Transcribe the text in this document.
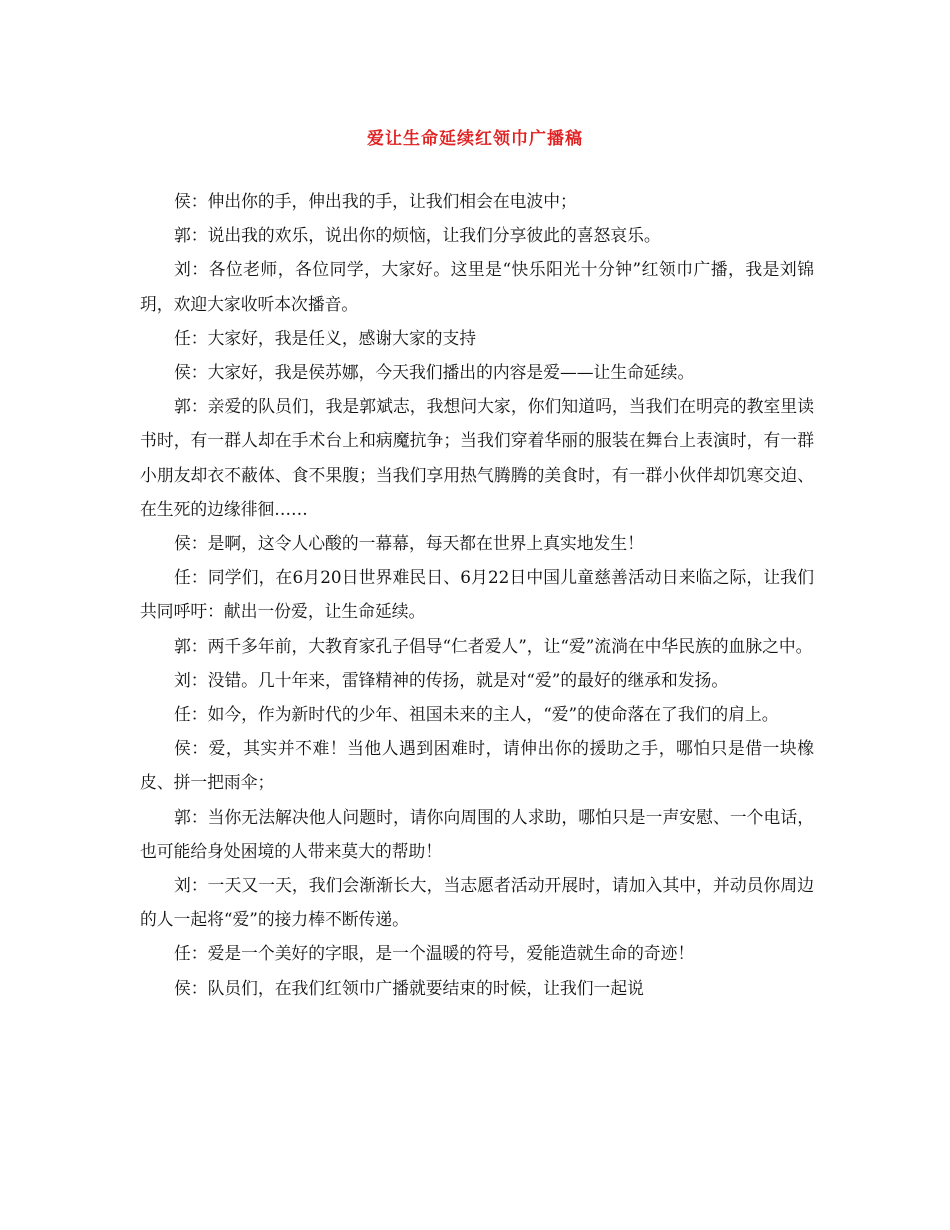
爱让生命延续红领巾广播稿

侯：伸出你的手，伸出我的手，让我们相会在电波中；

郭：说出我的欢乐，说出你的烦恼，让我们分享彼此的喜怒哀乐。

刘：各位老师，各位同学，大家好。这里是“快乐阳光十分钟”红领巾广播，我是刘锦玥，欢迎大家收听本次播音。

任：大家好，我是任义，感谢大家的支持

侯：大家好，我是侯苏娜，今天我们播出的内容是爱——让生命延续。

郭：亲爱的队员们，我是郭斌志，我想问大家，你们知道吗，当我们在明亮的教室里读书时，有一群人却在手术台上和病魔抗争；当我们穿着华丽的服装在舞台上表演时，有一群小朋友却衣不蔽体、食不果腹；当我们享用热气腾腾的美食时，有一群小伙伴却饥寒交迫、在生死的边缘徘徊……

侯：是啊，这令人心酸的一幕幕，每天都在世界上真实地发生！

任：同学们，在6月20日世界难民日、6月22日中国儿童慈善活动日来临之际，让我们共同呼吁：献出一份爱，让生命延续。

郭：两千多年前，大教育家孔子倡导“仁者爱人”，让“爱”流淌在中华民族的血脉之中。

刘：没错。几十年来，雷锋精神的传扬，就是对“爱”的最好的继承和发扬。

任：如今，作为新时代的少年、祖国未来的主人，“爱”的使命落在了我们的肩上。

侯：爱，其实并不难！当他人遇到困难时，请伸出你的援助之手，哪怕只是借一块橡皮、拼一把雨伞；

郭：当你无法解决他人问题时，请你向周围的人求助，哪怕只是一声安慰、一个电话，也可能给身处困境的人带来莫大的帮助！

刘：一天又一天，我们会渐渐长大，当志愿者活动开展时，请加入其中，并动员你周边的人一起将“爱”的接力棒不断传递。

任：爱是一个美好的字眼，是一个温暖的符号，爱能造就生命的奇迹！

侯：队员们，在我们红领巾广播就要结束的时候，让我们一起说
